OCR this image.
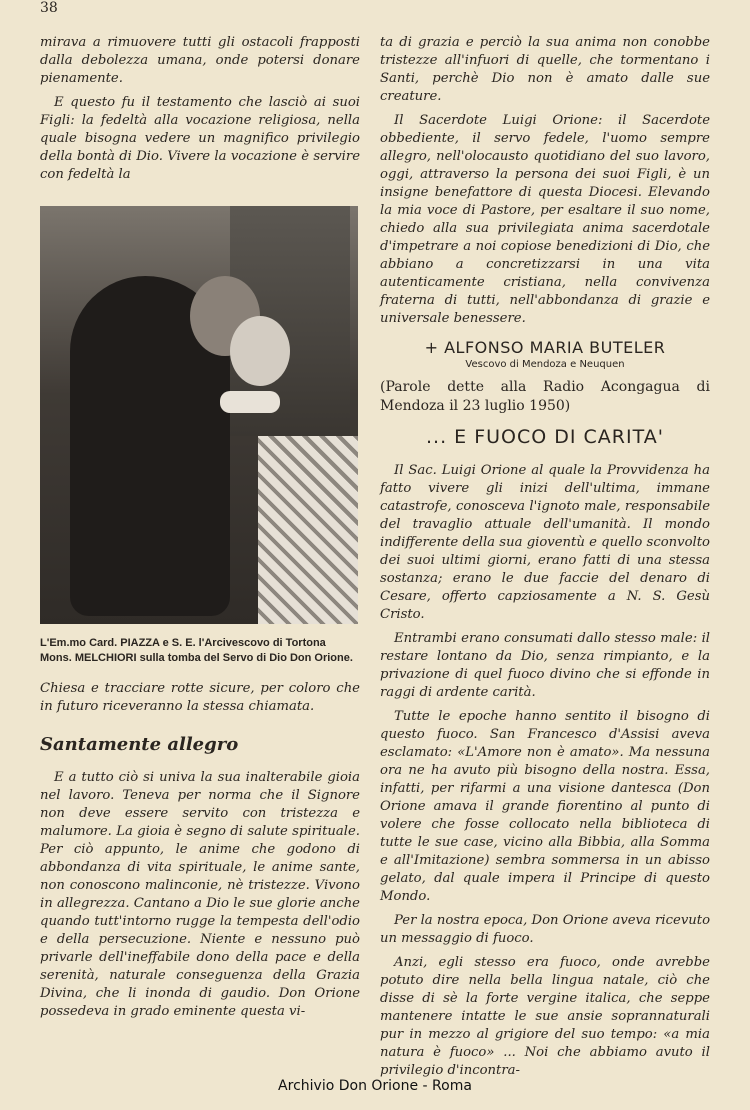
38

mirava a rimuovere tutti gli ostacoli frapposti dalla debolezza umana, onde potersi donare pienamente.

E questo fu il testamento che lasciò ai suoi Figli: la fedeltà alla vocazione religiosa, nella quale bisogna vedere un magnifico privilegio della bontà di Dio. Vivere la vocazione è servire con fedeltà la

L'Em.mo Card. PIAZZA e S. E. l'Arcivescovo di Tortona Mons. MELCHIORI sulla tomba del Servo di Dio Don Orione.

Chiesa e tracciare rotte sicure, per coloro che in futuro riceveranno la stessa chiamata.

Santamente allegro

E a tutto ciò si univa la sua inalterabile gioia nel lavoro. Teneva per norma che il Signore non deve essere servito con tristezza e malumore. La gioia è segno di salute spirituale. Per ciò appunto, le anime che godono di abbondanza di vita spirituale, le anime sante, non conoscono malinconie, nè tristezze. Vivono in allegrezza. Cantano a Dio le sue glorie anche quando tutt'intorno rugge la tempesta dell'odio e della persecuzione. Niente e nessuno può privarle dell'ineffabile dono della pace e della serenità, naturale conseguenza della Grazia Divina, che li inonda di gaudio. Don Orione possedeva in grado eminente questa vi-

ta di grazia e perciò la sua anima non conobbe tristezze all'infuori di quelle, che tormentano i Santi, perchè Dio non è amato dalle sue creature.

Il Sacerdote Luigi Orione: il Sacerdote obbediente, il servo fedele, l'uomo sempre allegro, nell'olocausto quotidiano del suo lavoro, oggi, attraverso la persona dei suoi Figli, è un insigne benefattore di questa Diocesi. Elevando la mia voce di Pastore, per esaltare il suo nome, chiedo alla sua privilegiata anima sacerdotale d'impetrare a noi copiose benedizioni di Dio, che abbiano a concretizzarsi in una vita autenticamente cristiana, nella convivenza fraterna di tutti, nell'abbondanza di grazie e universale benessere.

+ ALFONSO MARIA BUTELER
Vescovo di Mendoza e Neuquen

(Parole dette alla Radio Acongagua di Mendoza il 23 luglio 1950)

... E FUOCO DI CARITA'

Il Sac. Luigi Orione al quale la Provvidenza ha fatto vivere gli inizi dell'ultima, immane catastrofe, conosceva l'ignoto male, responsabile del travaglio attuale dell'umanità. Il mondo indifferente della sua gioventù e quello sconvolto dei suoi ultimi giorni, erano fatti di una stessa sostanza; erano le due faccie del denaro di Cesare, offerto capziosamente a N. S. Gesù Cristo.

Entrambi erano consumati dallo stesso male: il restare lontano da Dio, senza rimpianto, e la privazione di quel fuoco divino che si effonde in raggi di ardente carità.

Tutte le epoche hanno sentito il bisogno di questo fuoco. San Francesco d'Assisi aveva esclamato: «L'Amore non è amato». Ma nessuna ora ne ha avuto più bisogno della nostra. Essa, infatti, per rifarmi a una visione dantesca (Don Orione amava il grande fiorentino al punto di volere che fosse collocato nella biblioteca di tutte le sue case, vicino alla Bibbia, alla Somma e all'Imitazione) sembra sommersa in un abisso gelato, dal quale impera il Principe di questo Mondo.

Per la nostra epoca, Don Orione aveva ricevuto un messaggio di fuoco.

Anzi, egli stesso era fuoco, onde avrebbe potuto dire nella bella lingua natale, ciò che disse di sè la forte vergine italica, che seppe mantenere intatte le sue ansie soprannaturali pur in mezzo al grigiore del suo tempo: «a mia natura è fuoco» ... Noi che abbiamo avuto il privilegio d'incontra-

Archivio Don Orione - Roma
